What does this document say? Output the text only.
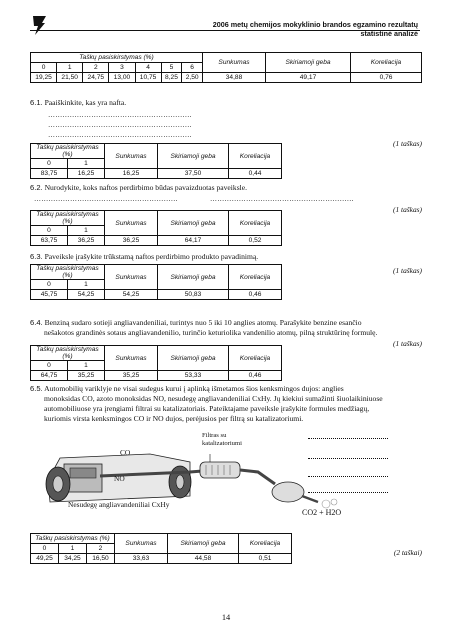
2006 metų chemijos mokyklinio brandos egzamino rezultatų statistinė analizė
Taškų pasiskirstymas (%)							Sunkumas	Skiriamoji geba	Koreliacija
0	1	2	3	4	5	6			
19,25	21,50	24,75	13,00	10,75	8,25	2,50	34,88	49,17	0,76
6.1. Paaiškinkite, kas yra nafta.
……………………………………………………
……………………………………………………
……………………………………………………
(1 taškas)
Taškų pasiskirstymas (%)		Sunkumas	Skiriamoji geba	Koreliacija
0	1			
83,75	16,25	16,25	37,50	0,44
6.2. Nurodykite, koks naftos perdirbimo būdas pavaizduotas paveiksle.
……………………………………………………	……………………………………………………
(1 taškas)
Taškų pasiskirstymas (%)		Sunkumas	Skiriamoji geba	Koreliacija
0	1			
63,75	36,25	36,25	64,17	0,52
6.3. Paveiksle įrašykite trūkstamą naftos perdirbimo produkto pavadinimą.
(1 taškas)
Taškų pasiskirstymas (%)		Sunkumas	Skiriamoji geba	Koreliacija
0	1			
45,75	54,25	54,25	50,83	0,46
6.4. Benziną sudaro sotieji angliavandeniliai, turintys nuo 5 iki 10 anglies atomų. Parašykite benzine esančio
nešakotos grandinės sotaus angliavandenilio, turinčio keturiolika vandenilio atomų, pilną struktūrinę formulę.
(1 taškas)
Taškų pasiskirstymas (%)		Sunkumas	Skiriamoji geba	Koreliacija
0	1			
64,75	35,25	35,25	53,33	0,46
6.5. Automobilių variklyje ne visai sudegus kurui į aplinką išmetamos šios kenksmingos dujos: anglies
monoksidas CO, azoto monoksidas NO, nesudegę angliavandeniliai CxHy. Jų kiekiui sumažinti šiuolaikiniuose
automobiliuose yra įrengiami filtrai su katalizatoriais. Pateiktajame paveiksle įrašykite formules medžiagų,
kuriomis virsta kenksmingos CO ir NO dujos, perėjusios per filtrą su katalizatoriumi.
Filtras su
katalizatoriumi
CO
NO
Nesudegę angliavandeniliai CxHy
CO2 + H2O
(2 taškai)
Taškų pasiskirstymas (%)			Sunkumas	Skiriamoji geba	Koreliacija
0	1	2			
49,25	34,25	16,50	33,63	44,58	0,51
14
